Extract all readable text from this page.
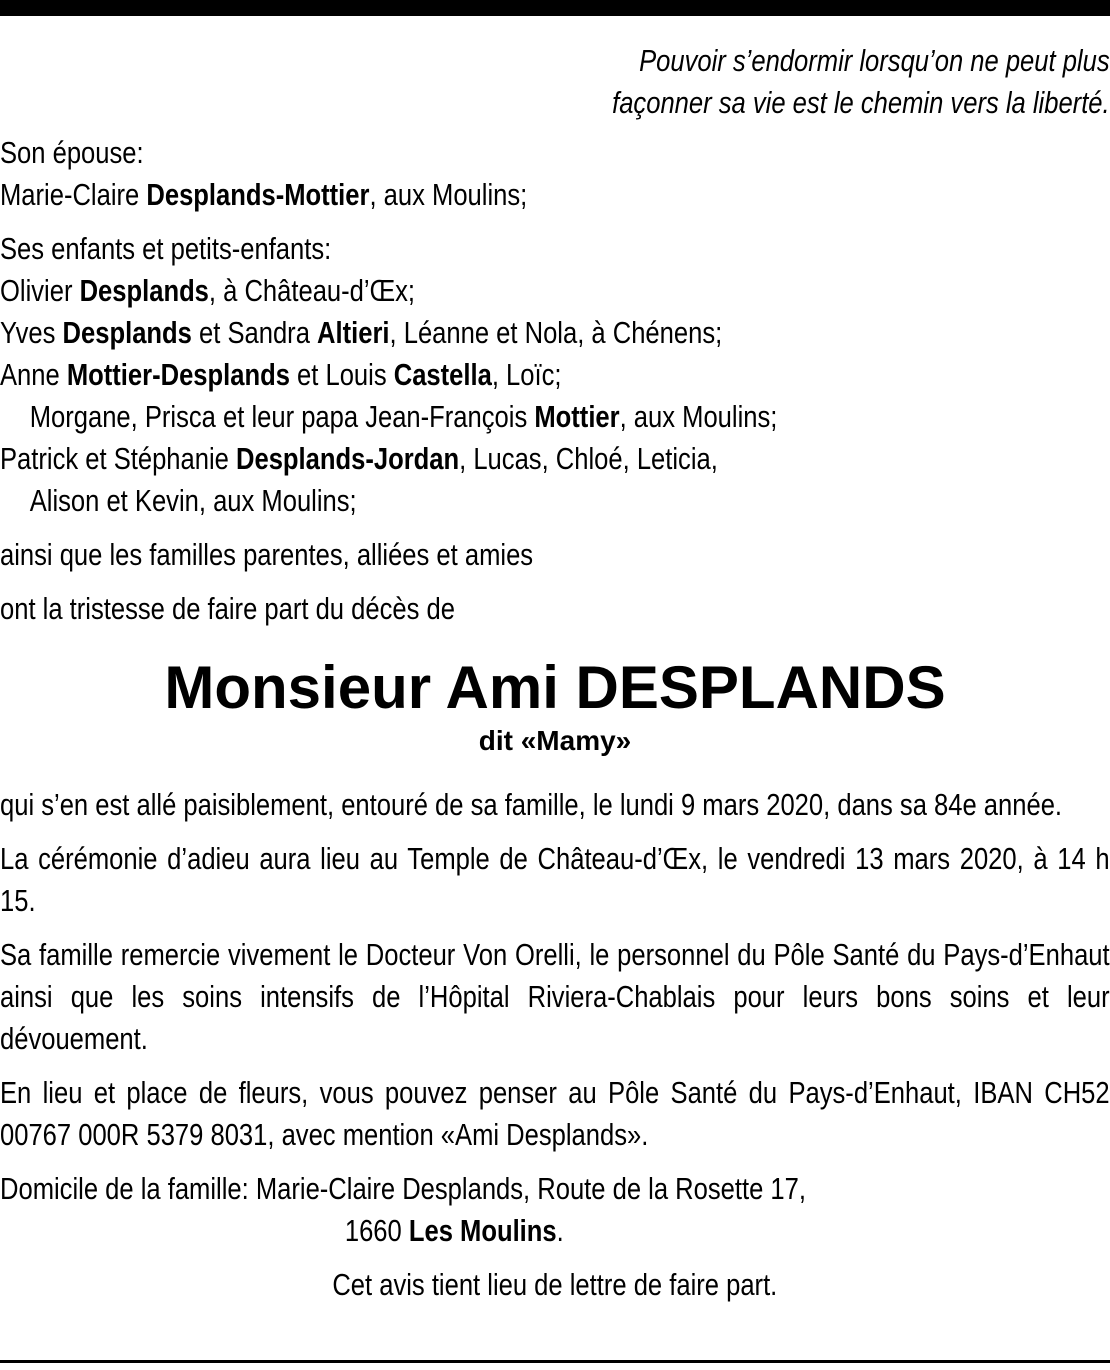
Pouvoir s’endormir lorsqu’on ne peut plus
façonner sa vie est le chemin vers la liberté.
Son épouse:
Marie-Claire Desplands-Mottier, aux Moulins;
Ses enfants et petits-enfants:
Olivier Desplands, à Château-d’Œx;
Yves Desplands et Sandra Altieri, Léanne et Nola, à Chénens;
Anne Mottier-Desplands et Louis Castella, Loïc;
Morgane, Prisca et leur papa Jean-François Mottier, aux Moulins;
Patrick et Stéphanie Desplands-Jordan, Lucas, Chloé, Leticia,
Alison et Kevin, aux Moulins;
ainsi que les familles parentes, alliées et amies
ont la tristesse de faire part du décès de
Monsieur Ami DESPLANDS
dit «Mamy»

qui s’en est allé paisiblement, entouré de sa famille, le lundi 9 mars 2020, dans sa 84e année.

La cérémonie d’adieu aura lieu au Temple de Château-d’Œx, le vendredi 13 mars 2020, à 14 h 15.

Sa famille remercie vivement le Docteur Von Orelli, le personnel du Pôle Santé du Pays-d’Enhaut ainsi que les soins intensifs de l’Hôpital Riviera-Chablais pour leurs bons soins et leur dévouement.

En lieu et place de fleurs, vous pouvez penser au Pôle Santé du Pays-d’Enhaut, IBAN CH52 00767 000R 5379 8031, avec mention «Ami Desplands».

Domicile de la famille: Marie-Claire Desplands, Route de la Rosette 17,
1660 Les Moulins.
Cet avis tient lieu de lettre de faire part.
